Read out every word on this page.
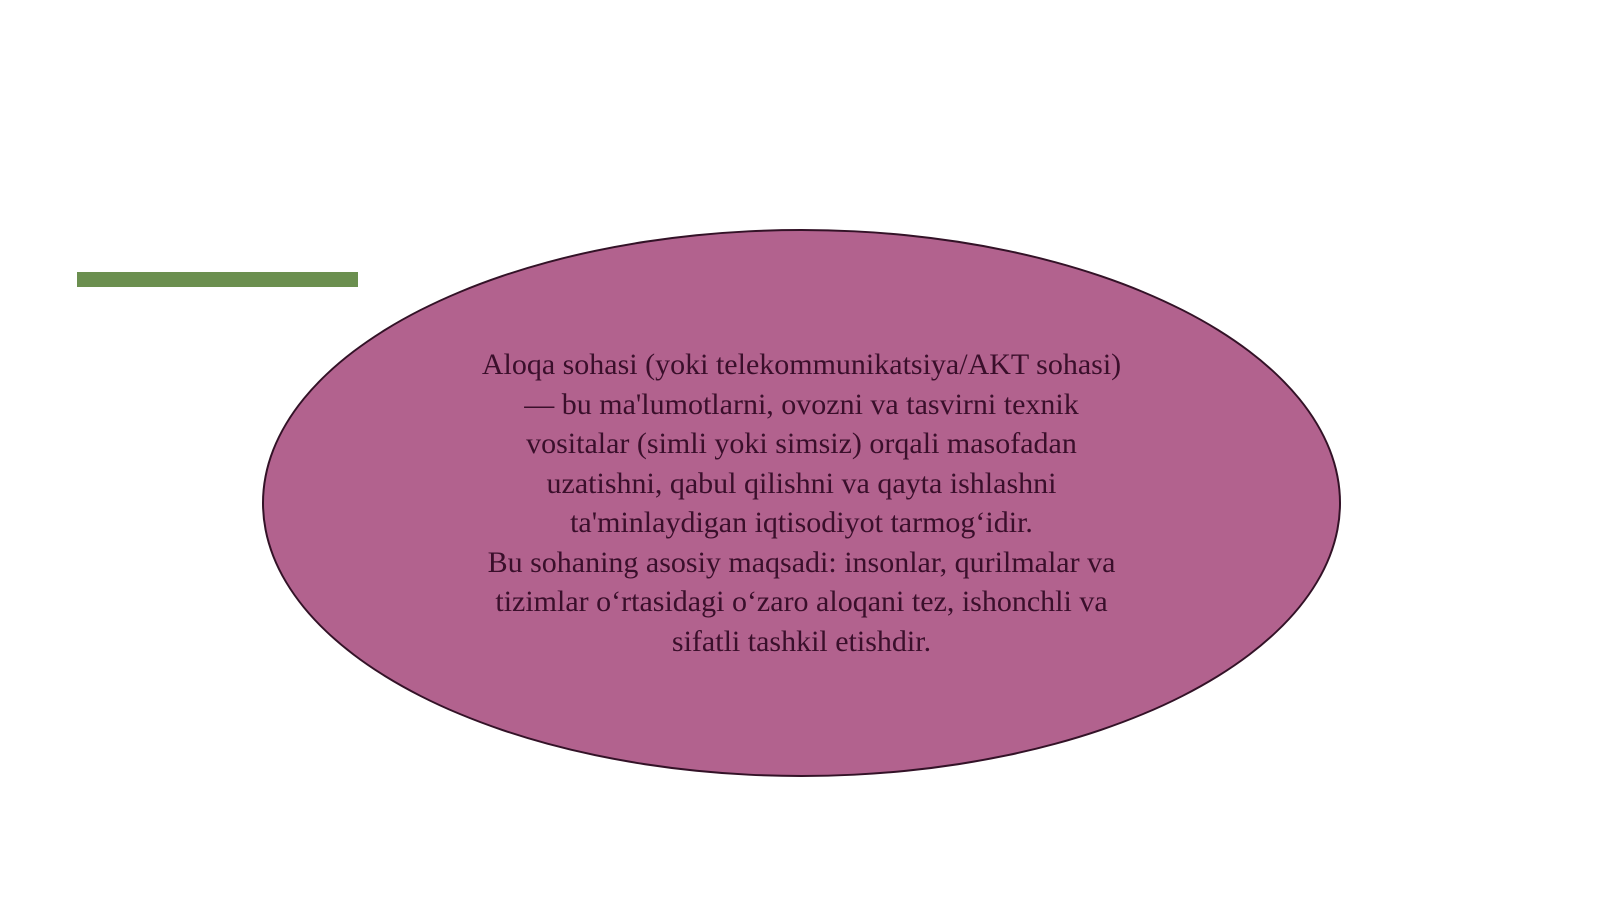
Aloqa sohasi (yoki telekommunikatsiya/AKT sohasi)
— bu ma'lumotlarni, ovozni va tasvirni texnik
vositalar (simli yoki simsiz) orqali masofadan
uzatishni, qabul qilishni va qayta ishlashni
ta'minlaydigan iqtisodiyot tarmog‘idir.
Bu sohaning asosiy maqsadi: insonlar, qurilmalar va
tizimlar o‘rtasidagi o‘zaro aloqani tez, ishonchli va
sifatli tashkil etishdir.
